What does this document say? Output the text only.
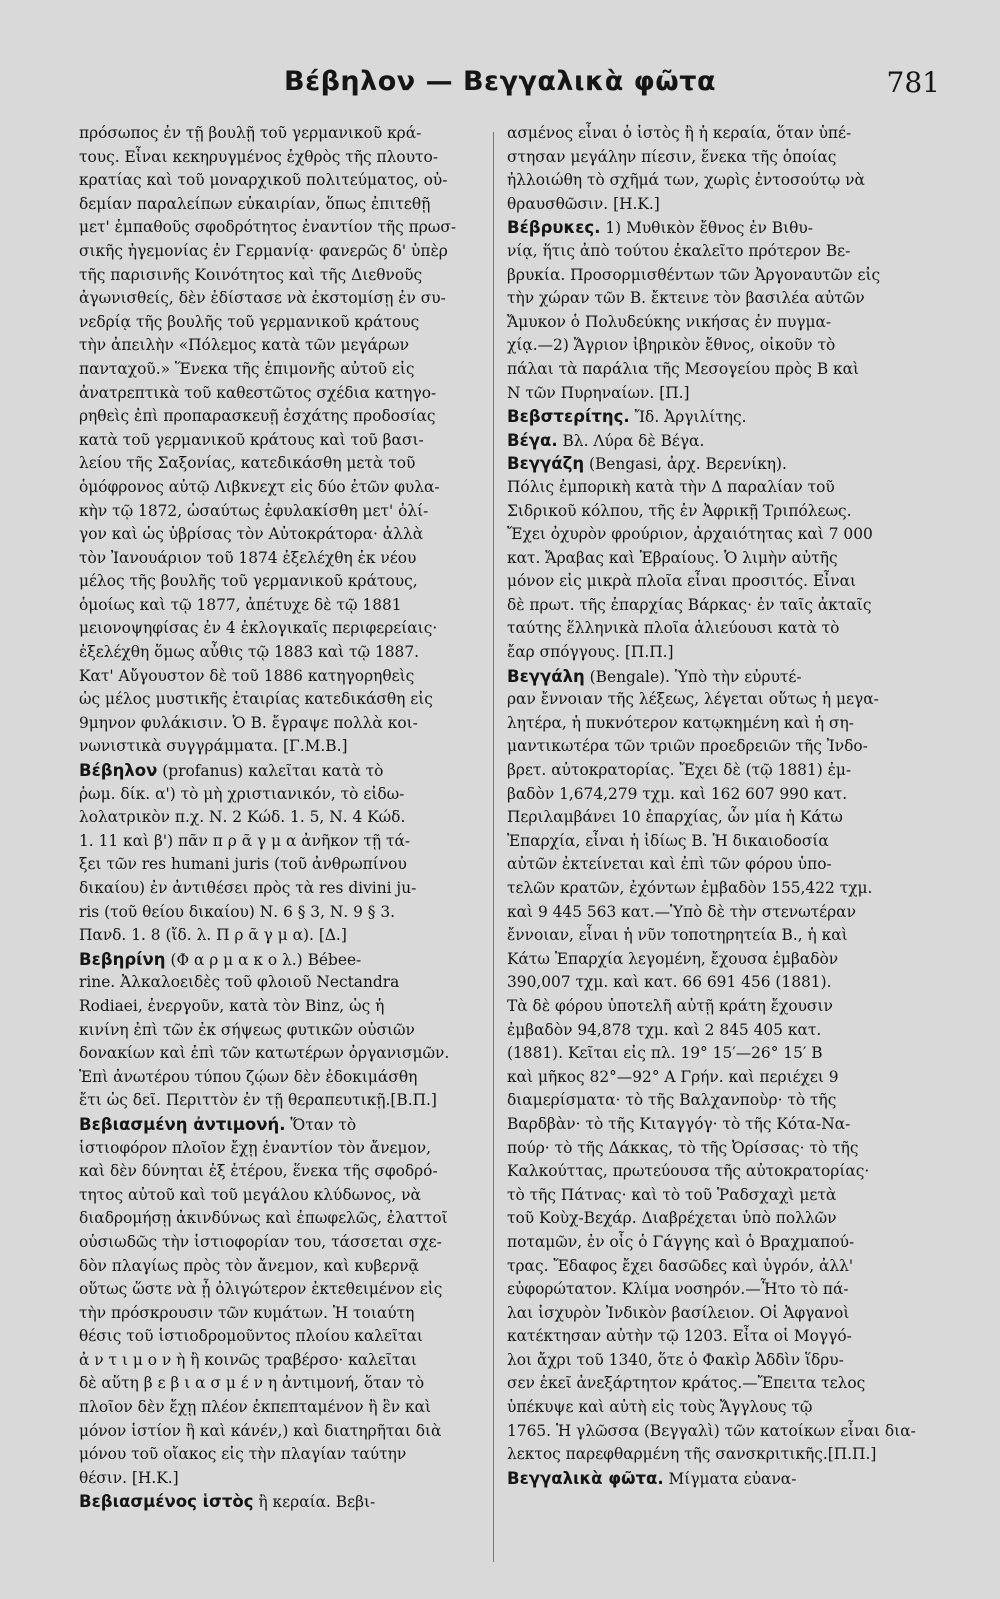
Βέβηλον — Βεγγαλικὰ φῶτα	781
πρόσωπος ἐν τῇ βουλῇ τοῦ γερμανικοῦ κρά-
τους. Εἶναι κεκηρυγμένος ἐχθρὸς τῆς πλουτο-
κρατίας καὶ τοῦ μοναρχικοῦ πολιτεύματος, οὐ-
δεμίαν παραλείπων εὐκαιρίαν, ὅπως ἐπιτεθῇ
μετ' ἐμπαθοῦς σφοδρότητος ἐναντίον τῆς πρωσ-
σικῆς ἡγεμονίας ἐν Γερμανίᾳ· φανερῶς δ' ὑπὲρ
τῆς παρισινῆς Κοινότητος καὶ τῆς Διεθνοῦς
ἀγωνισθείς, δὲν ἐδίστασε νὰ ἐκστομίσῃ ἐν συ-
νεδρίᾳ τῆς βουλῆς τοῦ γερμανικοῦ κράτους
τὴν ἀπειλὴν «Πόλεμος κατὰ τῶν μεγάρων
πανταχοῦ.» Ἕνεκα τῆς ἐπιμονῆς αὐτοῦ εἰς
ἀνατρεπτικὰ τοῦ καθεστῶτος σχέδια κατηγο-
ρηθεὶς ἐπὶ προπαρασκευῇ ἐσχάτης προδοσίας
κατὰ τοῦ γερμανικοῦ κράτους καὶ τοῦ βασι-
λείου τῆς Σαξονίας, κατεδικάσθη μετὰ τοῦ
ὁμόφρονος αὐτῷ Λιβκνεχτ εἰς δύο ἐτῶν φυλα-
κὴν τῷ 1872, ὡσαύτως ἐφυλακίσθη μετ' ὀλί-
γον καὶ ὡς ὑβρίσας τὸν Αὐτοκράτορα· ἀλλὰ
τὸν Ἰανουάριον τοῦ 1874 ἐξελέχθη ἐκ νέου
μέλος τῆς βουλῆς τοῦ γερμανικοῦ κράτους,
ὁμοίως καὶ τῷ 1877, ἀπέτυχε δὲ τῷ 1881
μειονοψηφίσας ἐν 4 ἐκλογικαῖς περιφερείαις·
ἐξελέχθη ὅμως αὖθις τῷ 1883 καὶ τῷ 1887.
Κατ' Αὔγουστον δὲ τοῦ 1886 κατηγορηθεὶς
ὡς μέλος μυστικῆς ἑταιρίας κατεδικάσθη εἰς
9μηνον φυλάκισιν. Ὁ Β. ἔγραψε πολλὰ κοι-
νωνιστικὰ συγγράμματα. [Γ.Μ.Β.]
Βέβηλον (profanus) καλεῖται κατὰ τὸ
ῥωμ. δίκ. α') τὸ μὴ χριστιανικόν, τὸ εἰδω-
λολατρικὸν π.χ. Ν. 2 Κώδ. 1. 5, Ν. 4 Κώδ.
1. 11 καὶ β') πᾶν π ρ ᾶ γ μ α ἀνῆκον τῇ τά-
ξει τῶν res humani juris (τοῦ ἀνθρωπίνου
δικαίου) ἐν ἀντιθέσει πρὸς τὰ res divini ju-
ris (τοῦ θείου δικαίου) Ν. 6 § 3, Ν. 9 § 3.
Πανδ. 1. 8 (ἴδ. λ. Π ρ ᾶ γ μ α). [Δ.]
Βεβηρίνη (Φ α ρ μ α κ ο λ.) Bébee-
rine. Ἀλκαλοειδὲς τοῦ φλοιοῦ Nectandra
Rodiaei, ἐνεργοῦν, κατὰ τὸν Binz, ὡς ἡ
κινίνη ἐπὶ τῶν ἐκ σήψεως φυτικῶν οὐσιῶν
δονακίων καὶ ἐπὶ τῶν κατωτέρων ὀργανισμῶν.
Ἐπὶ ἀνωτέρου τύπου ζῴων δὲν ἐδοκιμάσθη
ἔτι ὡς δεῖ. Περιττὸν ἐν τῇ θεραπευτικῇ.[Β.Π.]
Βεβιασμένη ἀντιμονή. Ὅταν τὸ
ἱστιοφόρον πλοῖον ἔχῃ ἐναντίον τὸν ἄνεμον,
καὶ δὲν δύνηται ἐξ ἑτέρου, ἕνεκα τῆς σφοδρό-
τητος αὐτοῦ καὶ τοῦ μεγάλου κλύδωνος, νὰ
διαδρομήσῃ ἀκινδύνως καὶ ἐπωφελῶς, ἐλαττοῖ
οὐσιωδῶς τὴν ἱστιοφορίαν του, τάσσεται σχε-
δὸν πλαγίως πρὸς τὸν ἄνεμον, καὶ κυβερνᾷ
οὕτως ὥστε νὰ ᾖ ὀλιγώτερον ἐκτεθειμένον εἰς
τὴν πρόσκρουσιν τῶν κυμάτων. Ἡ τοιαύτη
θέσις τοῦ ἱστιοδρομοῦντος πλοίου καλεῖται
ἀ ν τ ι μ ο ν ὴ ἢ κοινῶς τραβέρσο· καλεῖται
δὲ αὕτη β ε β ι α σ μ έ ν η ἀντιμονή, ὅταν τὸ
πλοῖον δὲν ἔχῃ πλέον ἐκπεπταμένον ἢ ἓν καὶ
μόνον ἱστίον ἢ καὶ κάνέν,) καὶ διατηρῆται διὰ
μόνου τοῦ οἴακος εἰς τὴν πλαγίαν ταύτην
θέσιν. [Η.Κ.]
Βεβιασμένος ἱστὸς ἢ κεραία. Βεβι-
ασμένος εἶναι ὁ ἱστὸς ἢ ἡ κεραία, ὅταν ὑπέ-
στησαν μεγάλην πίεσιν, ἕνεκα τῆς ὁποίας
ἠλλοιώθη τὸ σχῆμά των, χωρὶς ἐντοσούτῳ νὰ
θραυσθῶσιν. [Η.Κ.]
Βέβρυκες. 1) Μυθικὸν ἔθνος ἐν Βιθυ-
νίᾳ, ἥτις ἀπὸ τούτου ἐκαλεῖτο πρότερον Βε-
βρυκία. Προσορμισθέντων τῶν Ἀργοναυτῶν εἰς
τὴν χώραν τῶν Β. ἔκτεινε τὸν βασιλέα αὐτῶν
Ἄμυκον ὁ Πολυδεύκης νικήσας ἐν πυγμα-
χίᾳ.—2) Ἄγριον ἰβηρικὸν ἔθνος, οἰκοῦν τὸ
πάλαι τὰ παράλια τῆς Μεσογείου πρὸς Β καὶ
Ν τῶν Πυρηναίων. [Π.]
Βεβστερίτης. Ἴδ. Ἀργιλίτης.
Βέγα. Βλ. Λύρα δὲ Βέγα.
Βεγγάζη (Bengasi, ἀρχ. Βερενίκη).
Πόλις ἐμπορικὴ κατὰ τὴν Δ παραλίαν τοῦ
Σιδρικοῦ κόλπου, τῆς ἐν Ἀφρικῇ Τριπόλεως.
Ἔχει ὀχυρὸν φρούριον, ἀρχαιότητας καὶ 7 000
κατ. Ἄραβας καὶ Ἑβραίους. Ὁ λιμὴν αὐτῆς
μόνον εἰς μικρὰ πλοῖα εἶναι προσιτός. Εἶναι
δὲ πρωτ. τῆς ἐπαρχίας Βάρκας· ἐν ταῖς ἀκταῖς
ταύτης ἕλληνικὰ πλοῖα ἁλιεύουσι κατὰ τὸ
ἔαρ σπόγγους. [Π.Π.]
Βεγγάλη (Bengale). Ὑπὸ τὴν εὐρυτέ-
ραν ἔννοιαν τῆς λέξεως, λέγεται οὕτως ἡ μεγα-
λητέρα, ἡ πυκνότερον κατῳκημένη καὶ ἡ ση-
μαντικωτέρα τῶν τριῶν προεδρειῶν τῆς Ἰνδο-
βρετ. αὐτοκρατορίας. Ἔχει δὲ (τῷ 1881) ἐμ-
βαδὸν 1,674,279 τχμ. καὶ 162 607 990 κατ.
Περιλαμβάνει 10 ἐπαρχίας, ὧν μία ἡ Κάτω
Ἐπαρχία, εἶναι ἡ ἰδίως Β. Ἡ δικαιοδοσία
αὐτῶν ἐκτείνεται καὶ ἐπὶ τῶν φόρου ὑπο-
τελῶν κρατῶν, ἐχόντων ἐμβαδὸν 155,422 τχμ.
καὶ 9 445 563 κατ.—Ὑπὸ δὲ τὴν στενωτέραν
ἔννοιαν, εἶναι ἡ νῦν τοποτηρητεία Β., ἡ καὶ
Κάτω Ἐπαρχία λεγομένη, ἔχουσα ἐμβαδὸν
390,007 τχμ. καὶ κατ. 66 691 456 (1881).
Τὰ δὲ φόρου ὑποτελῆ αὐτῇ κράτη ἔχουσιν
ἐμβαδὸν 94,878 τχμ. καὶ 2 845 405 κατ.
(1881). Κεῖται εἰς πλ. 19° 15′—26° 15′ Β
καὶ μῆκος 82°—92° Α Γρήν. καὶ περιέχει 9
διαμερίσματα· τὸ τῆς Βαλχανποὺρ· τὸ τῆς
Βαρδβὰν· τὸ τῆς Κιταγγόγ· τὸ τῆς Κότα-Να-
πούρ· τὸ τῆς Δάκκας, τὸ τῆς Ὀρίσσας· τὸ τῆς
Καλκούττας, πρωτεύουσα τῆς αὐτοκρατορίας·
τὸ τῆς Πάτνας· καὶ τὸ τοῦ Ῥαδσχαχὶ μετὰ
τοῦ Κοὺχ-Βεχάρ. Διαβρέχεται ὑπὸ πολλῶν
ποταμῶν, ἐν οἷς ὁ Γάγγης καὶ ὁ Βραχμαπού-
τρας. Ἔδαφος ἔχει δασῶδες καὶ ὑγρόν, ἀλλ'
εὐφορώτατον. Κλίμα νοσηρόν.—Ἦτο τὸ πά-
λαι ἰσχυρὸν Ἰνδικὸν βασίλειον. Οἱ Ἀφγανοὶ
κατέκτησαν αὐτὴν τῷ 1203. Εἶτα οἱ Μογγό-
λοι ἄχρι τοῦ 1340, ὅτε ὁ Φακὶρ Ἀδδὶν ἵδρυ-
σεν ἐκεῖ ἀνεξάρτητον κράτος.—Ἔπειτα τελος
ὑπέκυψε καὶ αὐτὴ εἰς τοὺς Ἄγγλους τῷ
1765. Ἡ γλῶσσα (Βεγγαλὶ) τῶν κατοίκων εἶναι δια-
λεκτος παρεφθαρμένη τῆς σανσκριτικῆς.[Π.Π.]
Βεγγαλικὰ φῶτα. Μίγματα εὐανα-
